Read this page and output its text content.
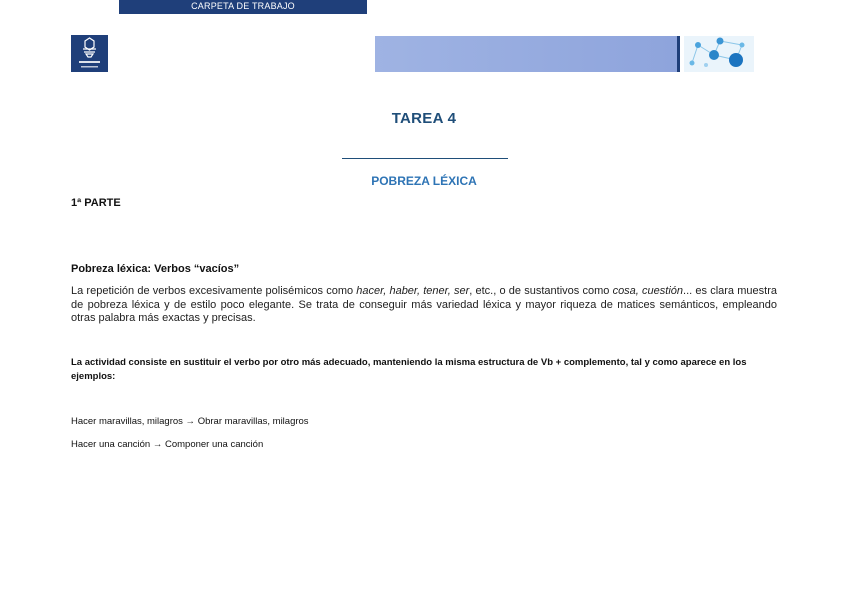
CARPETA DE TRABAJO
TAREA 4
POBREZA LÉXICA
1ª PARTE
Pobreza léxica: Verbos “vacíos”
La repetición de verbos excesivamente polisémicos como hacer, haber, tener, ser, etc., o de sustantivos como cosa, cuestión... es clara muestra de pobreza léxica y de estilo poco elegante. Se trata de conseguir más variedad léxica y mayor riqueza de matices semánticos, empleando otras palabra más exactas y precisas.
La actividad consiste en sustituir el verbo por otro más adecuado, manteniendo la misma estructura de Vb + complemento, tal y como aparece en los ejemplos:
Hacer maravillas, milagros → Obrar maravillas, milagros
Hacer una canción → Componer una canción
